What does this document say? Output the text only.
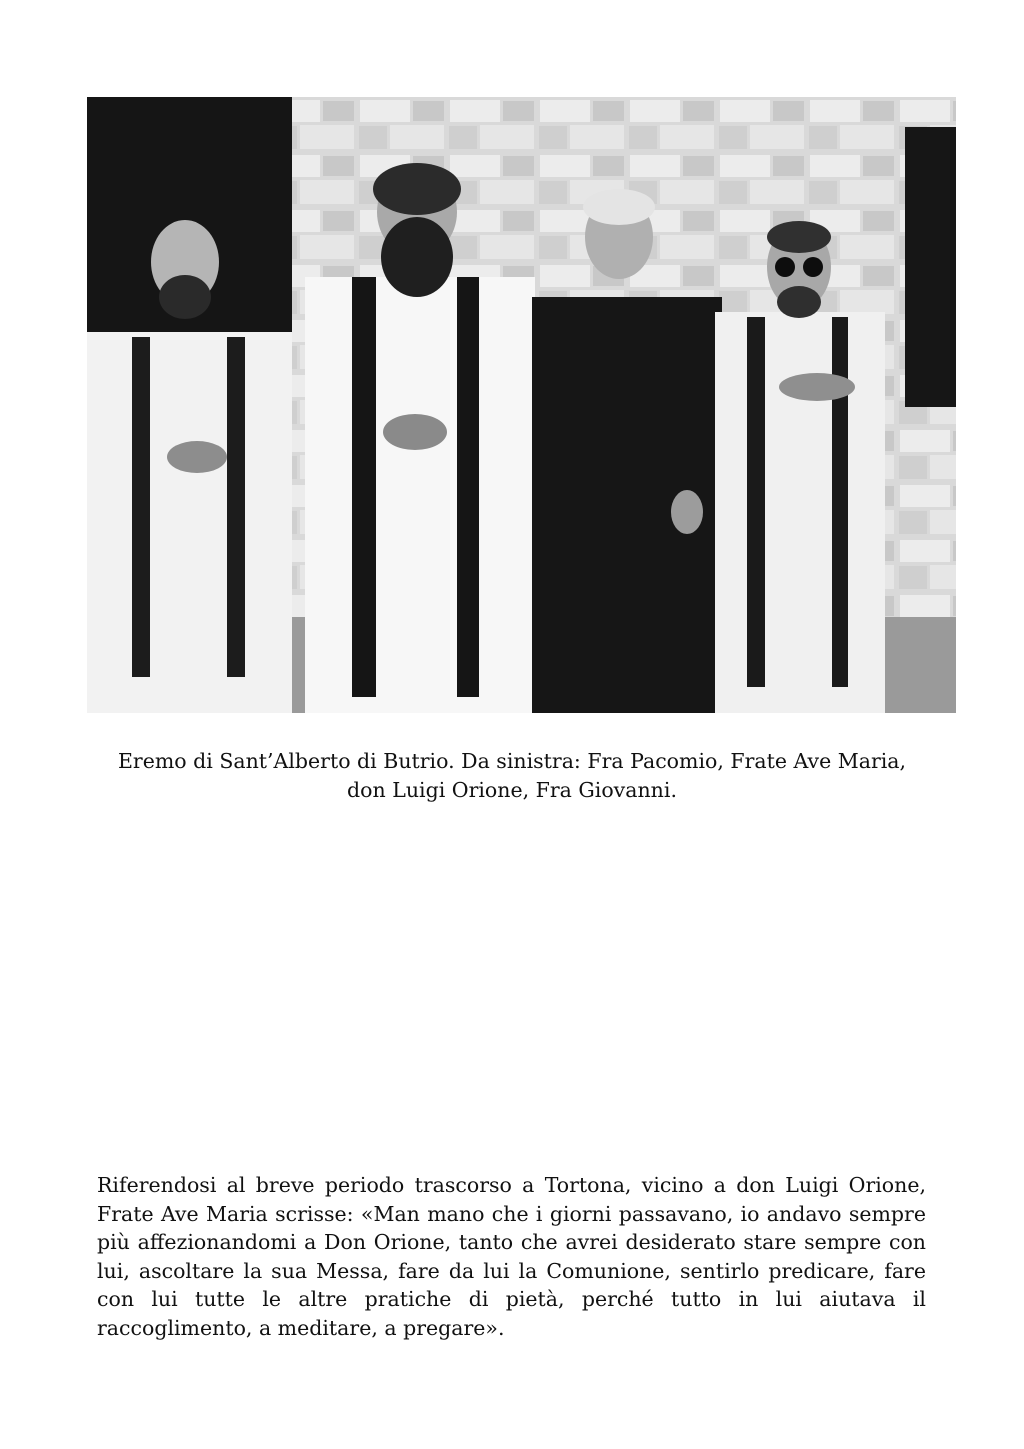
Eremo di Sant’Alberto di Butrio. Da sinistra: Fra Pacomio, Frate Ave Maria, don Luigi Orione, Fra Giovanni.
Riferendosi al breve periodo trascorso a Tortona, vicino a don Luigi Orione, Frate Ave Maria scrisse: «Man mano che i giorni passavano, io andavo sempre più affezionandomi a Don Orione, tanto che avrei desiderato stare sempre con lui, ascoltare la sua Messa, fare da lui la Comunione, sentirlo predicare, fare con lui tutte le altre pratiche di pietà, perché tutto in lui aiutava il raccoglimento, a meditare, a pregare».
